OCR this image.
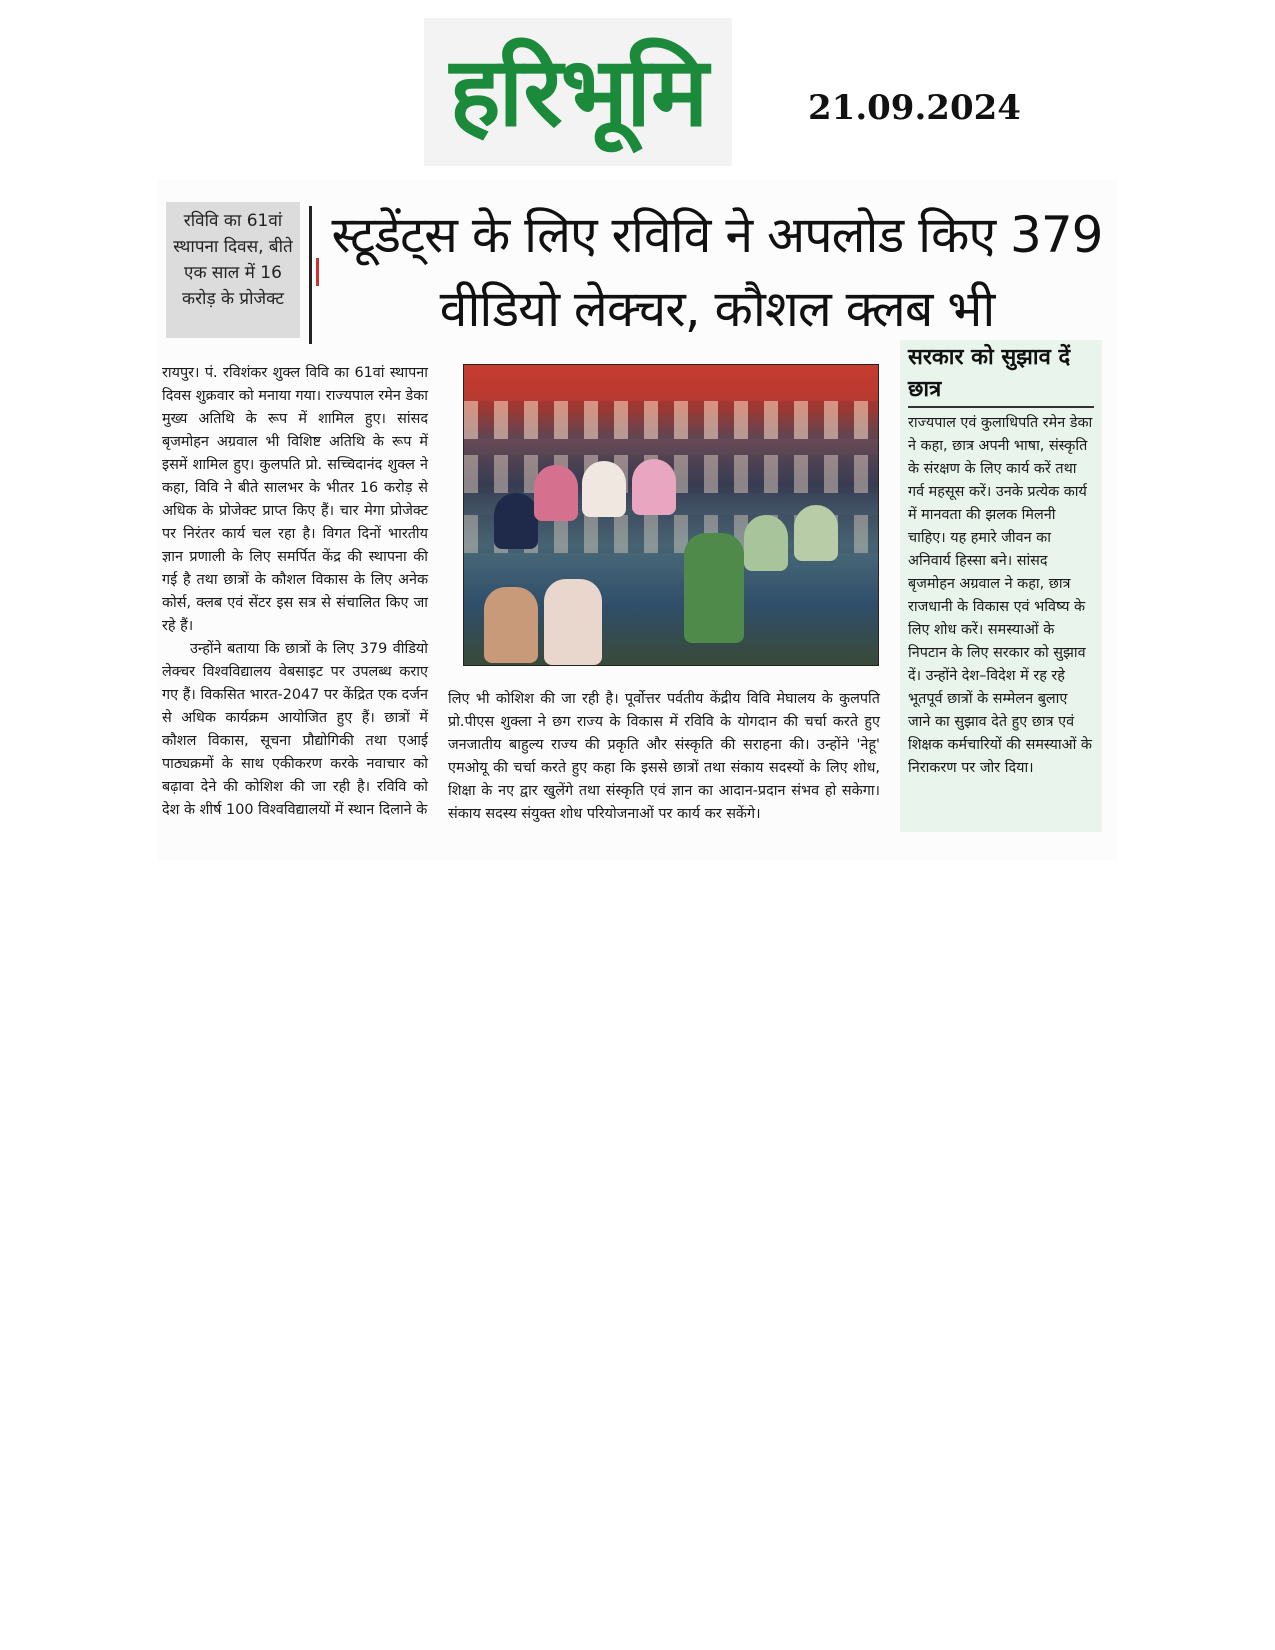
हरिभूमि	21.09.2024
रविवि का 61वां स्थापना दिवस, बीते एक साल में 16 करोड़ के प्रोजेक्ट
स्टूडेंट्स के लिए रविवि ने अपलोड किए 379 वीडियो लेक्चर, कौशल क्लब भी

रायपुर। पं. रविशंकर शुक्ल विवि का 61वां स्थापना दिवस शुक्रवार को मनाया गया। राज्यपाल रमेन डेका मुख्य अतिथि के रूप में शामिल हुए। सांसद बृजमोहन अग्रवाल भी विशिष्ट अतिथि के रूप में इसमें शामिल हुए। कुलपति प्रो. सच्चिदानंद शुक्ल ने कहा, विवि ने बीते सालभर के भीतर 16 करोड़ से अधिक के प्रोजेक्ट प्राप्त किए हैं। चार मेगा प्रोजेक्ट पर निरंतर कार्य चल रहा है। विगत दिनों भारतीय ज्ञान प्रणाली के लिए समर्पित केंद्र की स्थापना की गई है तथा छात्रों के कौशल विकास के लिए अनेक कोर्स, क्लब एवं सेंटर इस सत्र से संचालित किए जा रहे हैं।

उन्होंने बताया कि छात्रों के लिए 379 वीडियो लेक्चर विश्वविद्यालय वेबसाइट पर उपलब्ध कराए गए हैं। विकसित भारत-2047 पर केंद्रित एक दर्जन से अधिक कार्यक्रम आयोजित हुए हैं। छात्रों में कौशल विकास, सूचना प्रौद्योगिकी तथा एआई पाठ्यक्रमों के साथ एकीकरण करके नवाचार को बढ़ावा देने की कोशिश की जा रही है। रविवि को देश के शीर्ष 100 विश्वविद्यालयों में स्थान दिलाने के

लिए भी कोशिश की जा रही है। पूर्वोत्तर पर्वतीय केंद्रीय विवि मेघालय के कुलपति प्रो.पीएस शुक्ला ने छग राज्य के विकास में रविवि के योगदान की चर्चा करते हुए जनजातीय बाहुल्य राज्य की प्रकृति और संस्कृति की सराहना की। उन्होंने 'नेहू' एमओयू की चर्चा करते हुए कहा कि इससे छात्रों तथा संकाय सदस्यों के लिए शोध, शिक्षा के नए द्वार खुलेंगे तथा संस्कृति एवं ज्ञान का आदान-प्रदान संभव हो सकेगा। संकाय सदस्य संयुक्त शोध परियोजनाओं पर कार्य कर सकेंगे।
सरकार को सुझाव दें छात्र

राज्यपाल एवं कुलाधिपति रमेन डेका ने कहा, छात्र अपनी भाषा, संस्कृति के संरक्षण के लिए कार्य करें तथा गर्व महसूस करें। उनके प्रत्येक कार्य में मानवता की झलक मिलनी चाहिए। यह हमारे जीवन का अनिवार्य हिस्सा बने। सांसद बृजमोहन अग्रवाल ने कहा, छात्र राजधानी के विकास एवं भविष्य के लिए शोध करें। समस्याओं के निपटान के लिए सरकार को सुझाव दें। उन्होंने देश–विदेश में रह रहे भूतपूर्व छात्रों के सम्मेलन बुलाए जाने का सुझाव देते हुए छात्र एवं शिक्षक कर्मचारियों की समस्याओं के निराकरण पर जोर दिया।
